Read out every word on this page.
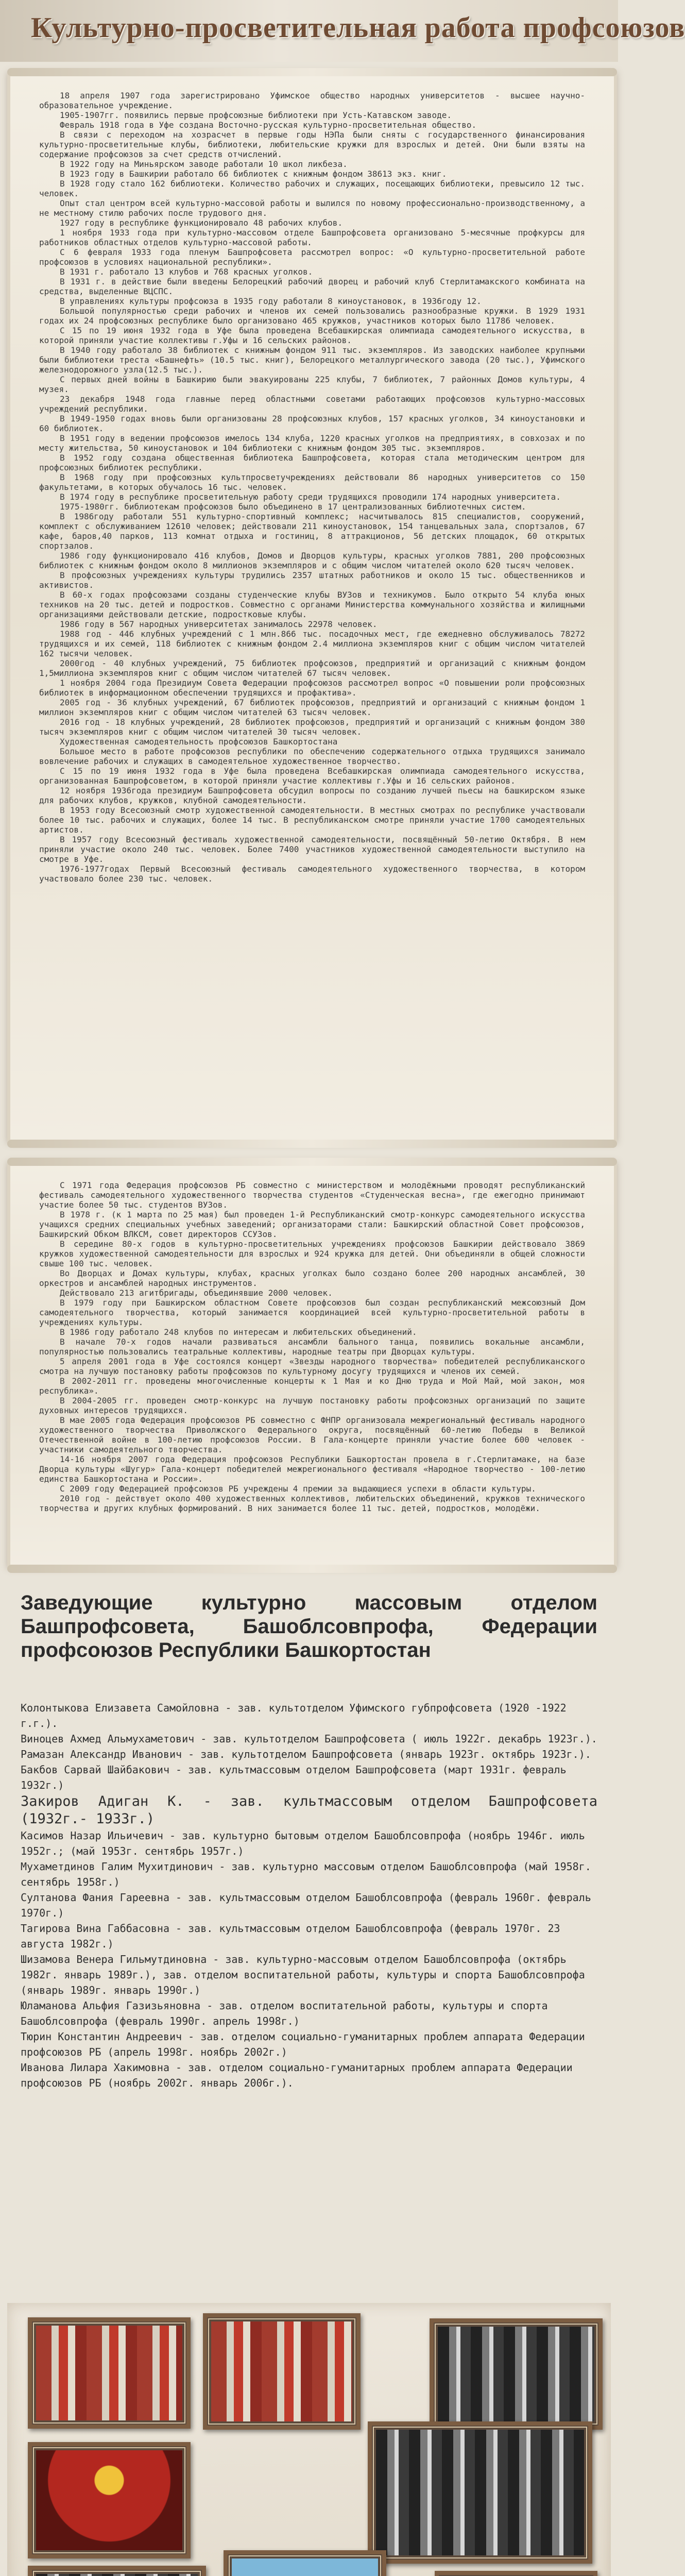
Культурно-просветительная работа профсоюзов

18 апреля 1907 года зарегистрировано Уфимское общество народных университетов - высшее научно-образовательное учреждение.

1905-1907гг. появились первые профсоюзные библиотеки при Усть-Катавском заводе.

Февраль 1918 года в Уфе создана Восточно-русская культурно-просветительная общество.

В связи с переходом на хозрасчет в первые годы НЭПа были сняты с государственного финансирования культурно-просветительные клубы, библиотеки, любительские кружки для взрослых и детей. Они были взяты на содержание профсоюзов за счет средств отчислений.

В 1922 году на Миньярском заводе работали 10 школ ликбеза.

В 1923 году в Башкирии работало 66 библиотек с книжным фондом 38613 экз. книг.

В 1928 году стало 162 библиотеки. Количество рабочих и служащих, посещающих библиотеки, превысило 12 тыс. человек.

Опыт стал центром всей культурно-массовой работы и вылился по новому профессионально-производственному, а не местному стилю рабочих после трудового дня.

1927 году в республике функционировало 48 рабочих клубов.

1 ноября 1933 года при культурно-массовом отделе Башпрофсовета организовано 5-месячные профкурсы для работников областных отделов культурно-массовой работы.

С 6 февраля 1933 года пленум Башпрофсовета рассмотрел вопрос: «О культурно-просветительной работе профсоюзов в условиях национальной республики».

В 1931 г. работало 13 клубов и 768 красных уголков.

В 1931 г. в действие были введены Белорецкий рабочий дворец и рабочий клуб Стерлитамакского комбината на средства, выделенные ВЦСПС.

В управлениях культуры профсоюза в 1935 году работали 8 киноустановок, в 1936году 12.

Большой популярностью среди рабочих и членов их семей пользовались разнообразные кружки. В 1929 1931 годах их 24 профсоюзных республике было организовано 465 кружков, участников которых было 11786 человек.

С 15 по 19 июня 1932 года в Уфе была проведена Всебашкирская олимпиада самодеятельного искусства, в которой приняли участие коллективы г.Уфы и 16 сельских районов.

В 1940 году работало 38 библиотек с книжным фондом 911 тыс. экземпляров. Из заводских наиболее крупными были библиотеки треста «Башнефть» (10.5 тыс. книг), Белорецкого металлургического завода (20 тыс.), Уфимского железнодорожного узла(12.5 тыс.).

С первых дней войны в Башкирию были эвакуированы 225 клубы, 7 библиотек, 7 районных Домов культуры, 4 музея.

23 декабря 1948 года главные перед областными советами работающих профсоюзов культурно-массовых учреждений республики.

В 1949-1950 годах вновь были организованы 28 профсоюзных клубов, 157 красных уголков, 34 киноустановки и 60 библиотек.

В 1951 году в ведении профсоюзов имелось 134 клуба, 1220 красных уголков на предприятиях, в совхозах и по месту жительства, 50 киноустановок и 104 библиотеки с книжным фондом 305 тыс. экземпляров.

В 1952 году создана общественная библиотека Башпрофсовета, которая стала методическим центром для профсоюзных библиотек республики.

В 1968 году при профсоюзных культпросветучреждениях действовали 86 народных университетов со 150 факультетами, в которых обучалось 16 тыс. человек.

В 1974 году в республике просветительную работу среди трудящихся проводили 174 народных университета.

1975-1980гг. библиотекам профсоюзов было объединено в 17 централизованных библиотечных систем.

В 1986году работали 551 культурно-спортивный комплекс; насчитывалось 815 специалистов, сооружений, комплект с обслуживанием 12610 человек; действовали 211 киноустановок, 154 танцевальных зала, спортзалов, 67 кафе, баров,40 парков, 113 комнат отдыха и гостиниц, 8 аттракционов, 56 детских площадок, 60 открытых спортзалов.

1986 году функционировало 416 клубов, Домов и Дворцов культуры, красных уголков 7881, 200 профсоюзных библиотек с книжным фондом около 8 миллионов экземпляров и с общим числом читателей около 620 тысяч человек.

В профсоюзных учреждениях культуры трудились 2357 штатных работников и около 15 тыс. общественников и активистов.

В 60-х годах профсоюзами созданы студенческие клубы ВУЗов и техникумов. Было открыто 54 клуба юных техников на 20 тыс. детей и подростков. Совместно с органами Министерства коммунального хозяйства и жилищными организациями действовали детские, подростковые клубы.

1986 году в 567 народных университетах занималось 22978 человек.

1988 год - 446 клубных учреждений с 1 млн.866 тыс. посадочных мест, где ежедневно обслуживалось 78272 трудящихся и их семей, 118 библиотек с книжным фондом 2.4 миллиона экземпляров книг с общим числом читателей 162 тысячи человек.

2000год - 40 клубных учреждений, 75 библиотек профсоюзов, предприятий и организаций с книжным фондом 1,5миллиона экземпляров книг с общим числом читателей 67 тысяч человек.

1 ноября 2004 года Президиум Совета Федерации профсоюзов рассмотрел вопрос «О повышении роли профсоюзных библиотек в информационном обеспечении трудящихся и профактива».

2005 год - 36 клубных учреждений, 67 библиотек профсоюзов, предприятий и организаций с книжным фондом 1 миллион экземпляров книг с общим числом читателей 63 тысяч человек.

2016 год - 18 клубных учреждений, 28 библиотек профсоюзов, предприятий и организаций с книжным фондом 380 тысяч экземпляров книг с общим числом читателей 30 тысяч человек.

Художественная самодеятельность профсоюзов Башкортостана

Большое место в работе профсоюзов республики по обеспечению содержательного отдыха трудящихся занимало вовлечение рабочих и служащих в самодеятельное художественное творчество.

С 15 по 19 июня 1932 года в Уфе была проведена Всебашкирская олимпиада самодеятельного искусства, организованная Башпрофсоветом, в которой приняли участие коллективы г.Уфы и 16 сельских районов.

12 ноября 1936года президиум Башпрофсовета обсудил вопросы по созданию лучшей пьесы на башкирском языке для рабочих клубов, кружков, клубной самодеятельности.

В 1953 году Всесоюзный смотр художественной самодеятельности. В местных смотрах по республике участвовали более 10 тыс. рабочих и служащих, более 14 тыс. В республиканском смотре приняли участие 1700 самодеятельных артистов.

В 1957 году Всесоюзный фестиваль художественной самодеятельности, посвящённый 50-летию Октября. В нем приняли участие около 240 тыс. человек. Более 7400 участников художественной самодеятельности выступило на смотре в Уфе.

1976-1977годах Первый Всесоюзный фестиваль самодеятельного художественного творчества, в котором участвовало более 230 тыс. человек.

С 1971 года Федерация профсоюзов РБ совместно с министерством и молодёжными проводят республиканский фестиваль самодеятельного художественного творчества студентов «Студенческая весна», где ежегодно принимают участие более 50 тыс. студентов ВУЗов.

В 1978 г. (к 1 марта по 25 мая) был проведен 1-й Республиканский смотр-конкурс самодеятельного искусства учащихся средних специальных учебных заведений; организаторами стали: Башкирский областной Совет профсоюзов, Башкирский Обком ВЛКСМ, совет директоров ССУЗов.

В середине 80-х годов в культурно-просветительных учреждениях профсоюзов Башкирии действовало 3869 кружков художественной самодеятельности для взрослых и 924 кружка для детей. Они объединяли в общей сложности свыше 100 тыс. человек.

Во Дворцах и Домах культуры, клубах, красных уголках было создано более 200 народных ансамблей, 30 оркестров и ансамблей народных инструментов.

Действовало 213 агитбригады, объединявшие 2000 человек.

В 1979 году при Башкирском областном Совете профсоюзов был создан республиканский межсоюзный Дом самодеятельного творчества, который занимается координацией всей культурно-просветительной работы в учреждениях культуры.

В 1986 году работало 248 клубов по интересам и любительских объединений.

В начале 70-х годов начали развиваться ансамбли бального танца, появились вокальные ансамбли, популярностью пользовались театральные коллективы, народные театры при Дворцах культуры.

5 апреля 2001 года в Уфе состоялся концерт «Звезды народного творчества» победителей республиканского смотра на лучшую постановку работы профсоюзов по культурному досугу трудящихся и членов их семей.

В 2002-2011 гг. проведены многочисленные концерты к 1 Мая и ко Дню труда и Мой Май, мой закон, моя республика».

В 2004-2005 гг. проведен смотр-конкурс на лучшую постановку работы профсоюзных организаций по защите духовных интересов трудящихся.

В мае 2005 года Федерация профсоюзов РБ совместно с ФНПР организовала межрегиональный фестиваль народного художественного творчества Приволжского Федерального округа, посвящённый 60-летию Победы в Великой Отечественной войне в 100-летию профсоюзов России. В Гала-концерте приняли участие более 600 человек - участники самодеятельного творчества.

14-16 ноября 2007 года Федерация профсоюзов Республики Башкортостан провела в г.Стерлитамаке, на базе Дворца культуры «Шугур» Гала-концерт победителей межрегионального фестиваля «Народное творчество - 100-летию единства Башкортостана и России».

С 2009 году Федерацией профсоюзов РБ учреждены 4 премии за выдающиеся успехи в области культуры.

2010 год - действует около 400 художественных коллективов, любительских объединений, кружков технического творчества и других клубных формирований. В них занимается более 11 тыс. детей, подростков, молодёжи.

Заведующие культурно массовым отделом Башпрофсовета, Башоблсовпрофа, Федерации профсоюзов Республики Башкортостан

Колонтыкова Елизавета Самойловна - зав. культотделом Уфимского губпрофсовета (1920 -1922 г.г.).

Виноцев Ахмед Альмухаметович - зав. культотделом Башпрофсовета ( июль 1922г. декабрь 1923г.).

Рамазан Александр Иванович - зав. культотделом Башпрофсовета (январь 1923г. октябрь 1923г.).

Бакбов Сарвай Шайбакович - зав. культмассовым отделом Башпрофсовета (март 1931г. февраль 1932г.)

Закиров Адиган К. - зав. культмассовым отделом Башпрофсовета (1932г.- 1933г.)

Касимов Назар Ильичевич - зав. культурно бытовым отделом Башоблсовпрофа (ноябрь 1946г. июль 1952г.; (май 1953г. сентябрь 1957г.)

Мухаметдинов Галим Мухитдинович - зав. культурно массовым отделом Башоблсовпрофа (май 1958г. сентябрь 1958г.)

Султанова Фания Гареевна - зав. культмассовым отделом Башоблсовпрофа (февраль 1960г. февраль 1970г.)

Тагирова Вина Габбасовна - зав. культмассовым отделом Башоблсовпрофа (февраль 1970г. 23 августа 1982г.)

Шизамова Венера Гильмутдиновна - зав. культурно-массовым отделом Башоблсовпрофа (октябрь 1982г. январь 1989г.), зав. отделом воспитательной работы, культуры и спорта Башоблсовпрофа (январь 1989г. январь 1990г.)

Юламанова Альфия Газизьяновна - зав. отделом воспитательной работы, культуры и спорта Башоблсовпрофа (февраль 1990г. апрель 1998г.)

Тюрин Константин Андреевич - зав. отделом социально-гуманитарных проблем аппарата Федерации профсоюзов РБ (апрель 1998г. ноябрь 2002г.)

Иванова Лилара Хакимовна - зав. отделом социально-гуманитарных проблем аппарата Федерации профсоюзов РБ (ноябрь 2002г. январь 2006г.).
